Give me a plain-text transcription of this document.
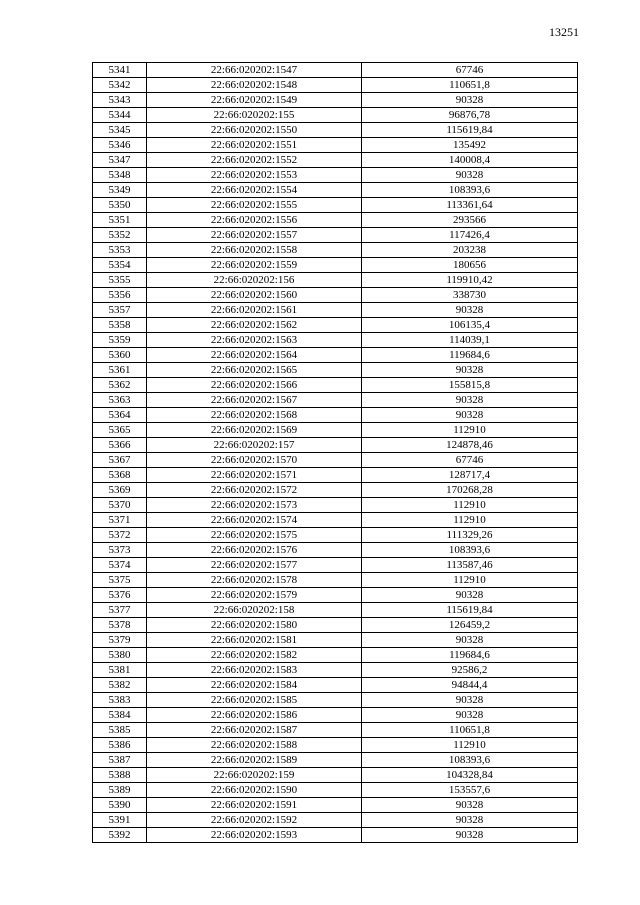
13251
5341	22:66:020202:1547	67746
5342	22:66:020202:1548	110651,8
5343	22:66:020202:1549	90328
5344	22:66:020202:155	96876,78
5345	22:66:020202:1550	115619,84
5346	22:66:020202:1551	135492
5347	22:66:020202:1552	140008,4
5348	22:66:020202:1553	90328
5349	22:66:020202:1554	108393,6
5350	22:66:020202:1555	113361,64
5351	22:66:020202:1556	293566
5352	22:66:020202:1557	117426,4
5353	22:66:020202:1558	203238
5354	22:66:020202:1559	180656
5355	22:66:020202:156	119910,42
5356	22:66:020202:1560	338730
5357	22:66:020202:1561	90328
5358	22:66:020202:1562	106135,4
5359	22:66:020202:1563	114039,1
5360	22:66:020202:1564	119684,6
5361	22:66:020202:1565	90328
5362	22:66:020202:1566	155815,8
5363	22:66:020202:1567	90328
5364	22:66:020202:1568	90328
5365	22:66:020202:1569	112910
5366	22:66:020202:157	124878,46
5367	22:66:020202:1570	67746
5368	22:66:020202:1571	128717,4
5369	22:66:020202:1572	170268,28
5370	22:66:020202:1573	112910
5371	22:66:020202:1574	112910
5372	22:66:020202:1575	111329,26
5373	22:66:020202:1576	108393,6
5374	22:66:020202:1577	113587,46
5375	22:66:020202:1578	112910
5376	22:66:020202:1579	90328
5377	22:66:020202:158	115619,84
5378	22:66:020202:1580	126459,2
5379	22:66:020202:1581	90328
5380	22:66:020202:1582	119684,6
5381	22:66:020202:1583	92586,2
5382	22:66:020202:1584	94844,4
5383	22:66:020202:1585	90328
5384	22:66:020202:1586	90328
5385	22:66:020202:1587	110651,8
5386	22:66:020202:1588	112910
5387	22:66:020202:1589	108393,6
5388	22:66:020202:159	104328,84
5389	22:66:020202:1590	153557,6
5390	22:66:020202:1591	90328
5391	22:66:020202:1592	90328
5392	22:66:020202:1593	90328
